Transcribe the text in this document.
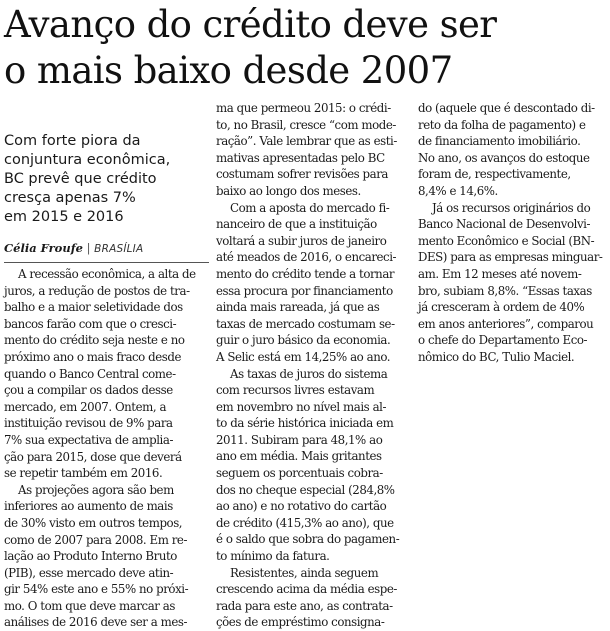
Avanço do crédito deve ser
o mais baixo desde 2007
Com forte piora da
conjuntura econômica,
BC prevê que crédito
cresça apenas 7%
em 2015 e 2016
Célia Froufe | BRASÍLIA
A recessão econômica, a alta de
juros, a redução de postos de tra-
balho e a maior seletividade dos
bancos farão com que o cresci-
mento do crédito seja neste e no
próximo ano o mais fraco desde
quando o Banco Central come-
çou a compilar os dados desse
mercado, em 2007. Ontem, a
instituição revisou de 9% para
7% sua expectativa de amplia-
ção para 2015, dose que deverá
se repetir também em 2016.
As projeções agora são bem
inferiores ao aumento de mais
de 30% visto em outros tempos,
como de 2007 para 2008. Em re-
lação ao Produto Interno Bruto
(PIB), esse mercado deve atin-
gir 54% este ano e 55% no próxi-
mo. O tom que deve marcar as
análises de 2016 deve ser a mes-
ma que permeou 2015: o crédi-
to, no Brasil, cresce “com mode-
ração”. Vale lembrar que as esti-
mativas apresentadas pelo BC
costumam sofrer revisões para
baixo ao longo dos meses.
Com a aposta do mercado fi-
nanceiro de que a instituição
voltará a subir juros de janeiro
até meados de 2016, o encareci-
mento do crédito tende a tornar
essa procura por financiamento
ainda mais rareada, já que as
taxas de mercado costumam se-
guir o juro básico da economia.
A Selic está em 14,25% ao ano.
As taxas de juros do sistema
com recursos livres estavam
em novembro no nível mais al-
to da série histórica iniciada em
2011. Subiram para 48,1% ao
ano em média. Mais gritantes
seguem os porcentuais cobra-
dos no cheque especial (284,8%
ao ano) e no rotativo do cartão
de crédito (415,3% ao ano), que
é o saldo que sobra do pagamen-
to mínimo da fatura.
Resistentes, ainda seguem
crescendo acima da média espe-
rada para este ano, as contrata-
ções de empréstimo consigna-
do (aquele que é descontado di-
reto da folha de pagamento) e
de financiamento imobiliário.
No ano, os avanços do estoque
foram de, respectivamente,
8,4% e 14,6%.
Já os recursos originários do
Banco Nacional de Desenvolvi-
mento Econômico e Social (BN-
DES) para as empresas minguar-
am. Em 12 meses até novem-
bro, subiam 8,8%. “Essas taxas
já cresceram à ordem de 40%
em anos anteriores”, comparou
o chefe do Departamento Eco-
nômico do BC, Tulio Maciel.
